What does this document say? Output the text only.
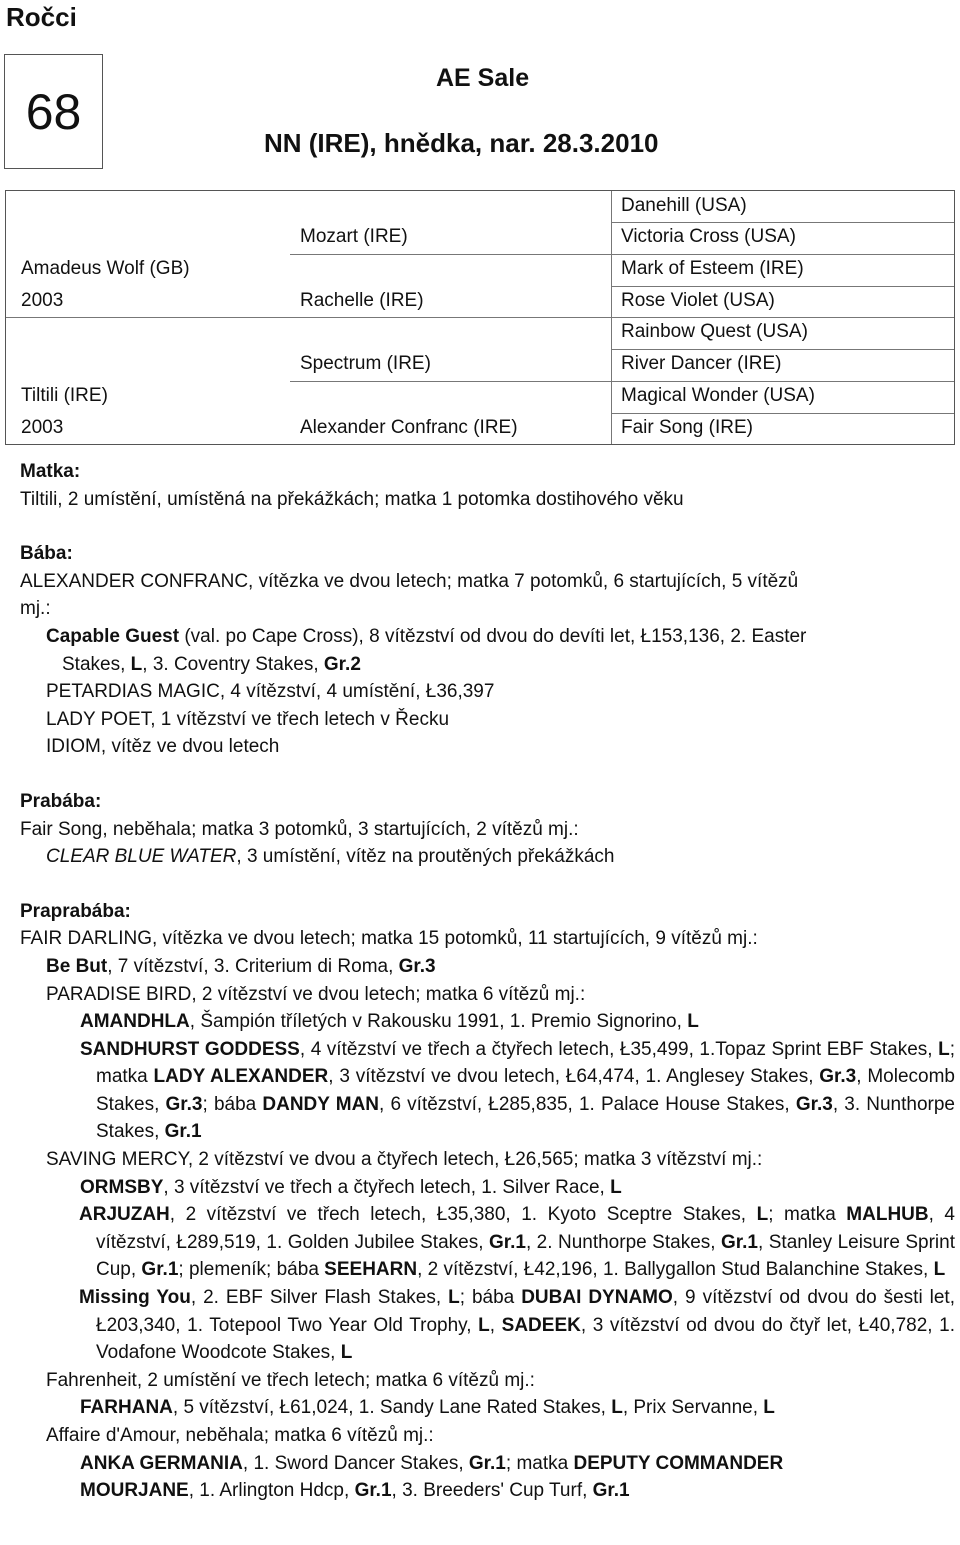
Ročci
68
AE Sale
NN (IRE), hnědka, nar. 28.3.2010
Amadeus Wolf (GB)
2003
Tiltili (IRE)
2003
Mozart (IRE)
Rachelle (IRE)
Spectrum (IRE)
Alexander Confranc (IRE)
Danehill (USA)
Victoria Cross (USA)
Mark of Esteem (IRE)
Rose Violet (USA)
Rainbow Quest (USA)
River Dancer (IRE)
Magical Wonder (USA)
Fair Song (IRE)
Matka:
Tiltili, 2 umístění, umístěná na překážkách; matka 1 potomka dostihového věku
Bába:
ALEXANDER CONFRANC, vítězka ve dvou letech; matka 7 potomků, 6 startujících, 5 vítězů
mj.:
Capable Guest (val. po Cape Cross), 8 vítězství od dvou do devíti let, Ł153,136, 2. Easter
Stakes, L, 3. Coventry Stakes, Gr.2
PETARDIAS MAGIC, 4 vítězství, 4 umístění, Ł36,397
LADY POET, 1 vítězství ve třech letech v Řecku
IDIOM, vítěz ve dvou letech
Prabába:
Fair Song, neběhala; matka 3 potomků, 3 startujících, 2 vítězů mj.:
CLEAR BLUE WATER, 3 umístění, vítěz na proutěných překážkách
Praprabába:
FAIR DARLING, vítězka ve dvou letech; matka 15 potomků, 11 startujících, 9 vítězů mj.:
Be But, 7 vítězství, 3. Criterium di Roma, Gr.3
PARADISE BIRD, 2 vítězství ve dvou letech; matka 6 vítězů mj.:
AMANDHLA, Šampión tříletých v Rakousku 1991, 1. Premio Signorino, L
SANDHURST GODDESS, 4 vítězství ve třech a čtyřech letech, Ł35,499, 1.Topaz Sprint EBF Stakes, L; matka LADY ALEXANDER, 3 vítězství ve dvou letech, Ł64,474, 1. Anglesey Stakes, Gr.3, Molecomb Stakes, Gr.3; bába DANDY MAN, 6 vítězství, Ł285,835, 1. Palace House Stakes, Gr.3, 3. Nunthorpe Stakes, Gr.1
SAVING MERCY, 2 vítězství ve dvou a čtyřech letech, Ł26,565; matka 3 vítězství mj.:
ORMSBY, 3 vítězství ve třech a čtyřech letech, 1. Silver Race, L
ARJUZAH, 2 vítězství ve třech letech, Ł35,380, 1. Kyoto Sceptre Stakes, L; matka MALHUB, 4 vítězství, Ł289,519, 1. Golden Jubilee Stakes, Gr.1, 2. Nunthorpe Stakes, Gr.1, Stanley Leisure Sprint Cup, Gr.1; plemeník; bába SEEHARN, 2 vítězství, Ł42,196, 1. Ballygallon Stud Balanchine Stakes, L
Missing You, 2. EBF Silver Flash Stakes, L; bába DUBAI DYNAMO, 9 vítězství od dvou do šesti let, Ł203,340, 1. Totepool Two Year Old Trophy, L, SADEEK, 3 vítězství od dvou do čtyř let, Ł40,782, 1. Vodafone Woodcote Stakes, L
Fahrenheit, 2 umístění ve třech letech; matka 6 vítězů mj.:
FARHANA, 5 vítězství, Ł61,024, 1. Sandy Lane Rated Stakes, L, Prix Servanne, L
Affaire d'Amour, neběhala; matka 6 vítězů mj.:
ANKA GERMANIA, 1. Sword Dancer Stakes, Gr.1; matka DEPUTY COMMANDER
MOURJANE, 1. Arlington Hdcp, Gr.1, 3. Breeders' Cup Turf, Gr.1
